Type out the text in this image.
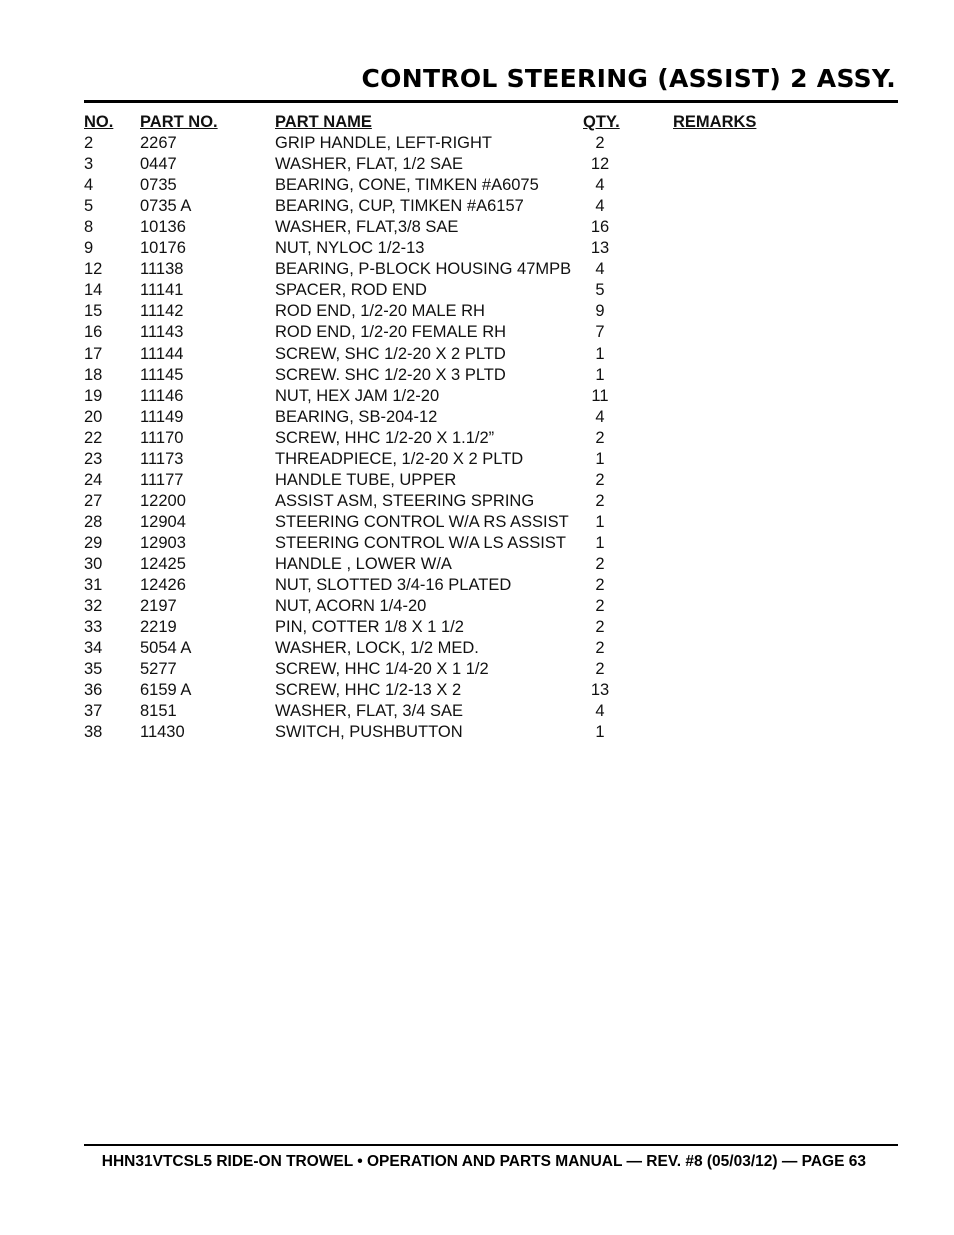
CONTROL STEERING (ASSIST) 2 ASSY.
NO. PART NO.	PART NAME	QTY.	REMARKS
2	2267	GRIP HANDLE, LEFT-RIGHT	2
3	0447	WASHER, FLAT, 1/2 SAE	12
4	0735	BEARING, CONE, TIMKEN #A6075	4
5	0735 A	BEARING, CUP, TIMKEN #A6157	4
8	10136	WASHER, FLAT,3/8 SAE	16
9	10176	NUT, NYLOC 1/2-13	13
12 11138	BEARING, P-BLOCK HOUSING 47MPB	4
14 11141	SPACER, ROD END	5
15 11142	ROD END, 1/2-20 MALE RH	9
16 11143	ROD END, 1/2-20 FEMALE RH	7
17 11144	SCREW, SHC 1/2-20 X 2 PLTD	1
18 11145	SCREW. SHC 1/2-20 X 3 PLTD	1
19 11146	NUT, HEX JAM 1/2-20	11
20 11149	BEARING, SB-204-12	4
22 11170	SCREW, HHC 1/2-20 X 1.1/2”	2
23 11173	THREADPIECE, 1/2-20 X 2 PLTD	1
24 11177	HANDLE TUBE, UPPER	2
27 12200	ASSIST ASM, STEERING SPRING	2
28 12904	STEERING CONTROL W/A RS ASSIST	1
29 12903	STEERING CONTROL W/A LS ASSIST	1
30 12425	HANDLE , LOWER W/A	2
31 12426	NUT, SLOTTED 3/4-16 PLATED	2
32 2197	NUT, ACORN 1/4-20	2
33 2219	PIN, COTTER 1/8 X 1 1/2	2
34 5054 A	WASHER, LOCK, 1/2 MED.	2
35 5277	SCREW, HHC 1/4-20 X 1 1/2	2
36 6159 A	SCREW, HHC 1/2-13 X 2	13
37 8151	WASHER, FLAT, 3/4 SAE	4
38 11430	SWITCH, PUSHBUTTON	1
HHN31VTCSL5 RIDE-ON TROWEL • OPERATION AND PARTS MANUAL — REV. #8 (05/03/12) — PAGE 63
